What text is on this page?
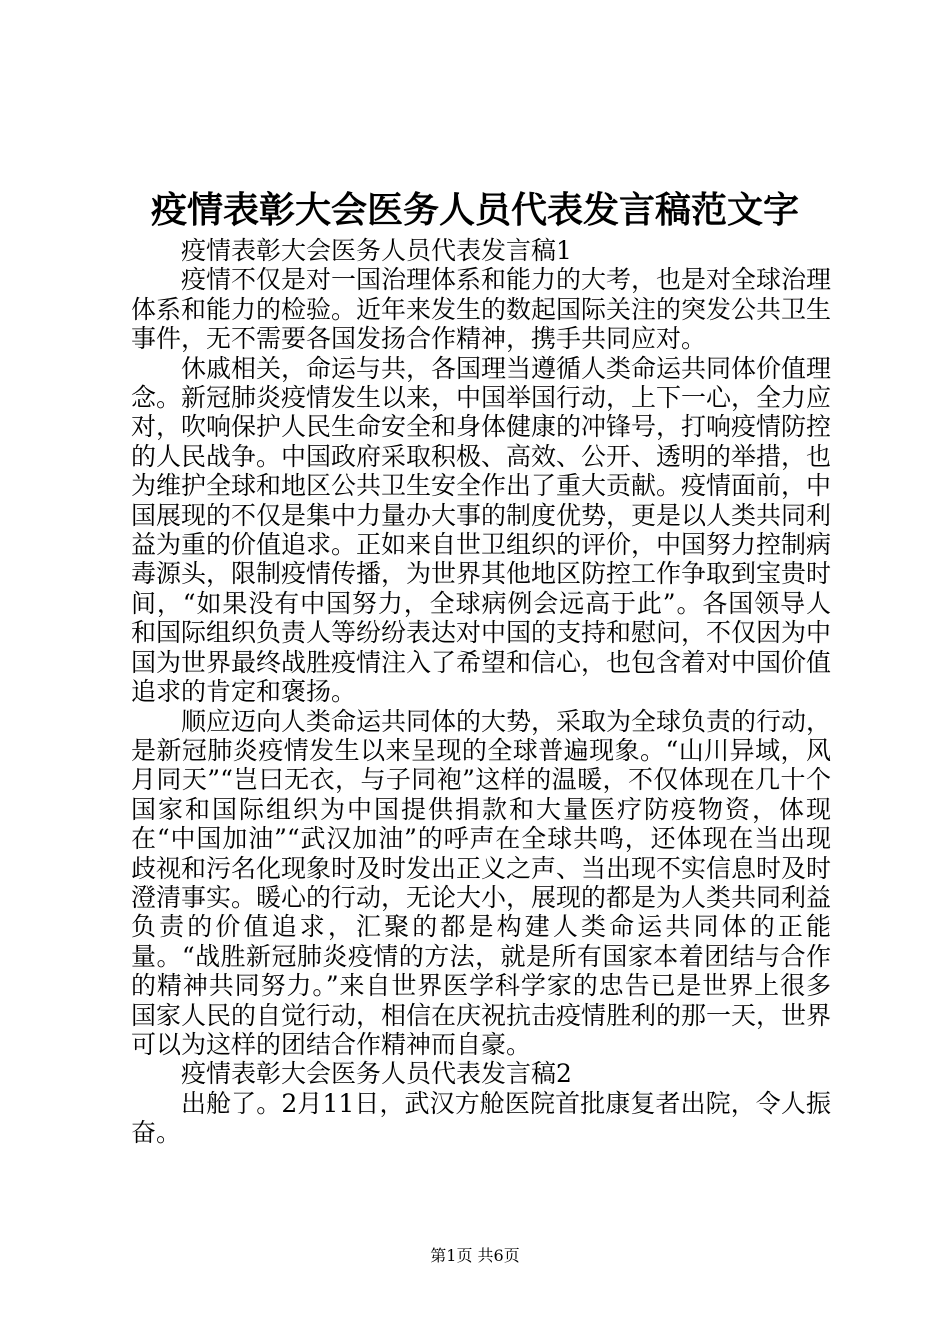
疫情表彰大会医务人员代表发言稿范文字

疫情表彰大会医务人员代表发言稿1

疫情不仅是对一国治理体系和能力的大考，也是对全球治理体系和能力的检验。近年来发生的数起国际关注的突发公共卫生事件，无不需要各国发扬合作精神，携手共同应对。

休戚相关，命运与共，各国理当遵循人类命运共同体价值理念。新冠肺炎疫情发生以来，中国举国行动，上下一心，全力应对，吹响保护人民生命安全和身体健康的冲锋号，打响疫情防控的人民战争。中国政府采取积极、高效、公开、透明的举措，也为维护全球和地区公共卫生安全作出了重大贡献。疫情面前，中国展现的不仅是集中力量办大事的制度优势，更是以人类共同利益为重的价值追求。正如来自世卫组织的评价，中国努力控制病毒源头，限制疫情传播，为世界其他地区防控工作争取到宝贵时间，“如果没有中国努力，全球病例会远高于此”。各国领导人和国际组织负责人等纷纷表达对中国的支持和慰问，不仅因为中国为世界最终战胜疫情注入了希望和信心，也包含着对中国价值追求的肯定和褒扬。

顺应迈向人类命运共同体的大势，采取为全球负责的行动，是新冠肺炎疫情发生以来呈现的全球普遍现象。“山川异域，风月同天”“岂曰无衣，与子同袍”这样的温暖，不仅体现在几十个国家和国际组织为中国提供捐款和大量医疗防疫物资，体现在“中国加油”“武汉加油”的呼声在全球共鸣，还体现在当出现歧视和污名化现象时及时发出正义之声、当出现不实信息时及时澄清事实。暖心的行动，无论大小，展现的都是为人类共同利益负责的价值追求，汇聚的都是构建人类命运共同体的正能量。“战胜新冠肺炎疫情的方法，就是所有国家本着团结与合作的精神共同努力。”来自世界医学科学家的忠告已是世界上很多国家人民的自觉行动，相信在庆祝抗击疫情胜利的那一天，世界可以为这样的团结合作精神而自豪。

疫情表彰大会医务人员代表发言稿2

出舱了。2月11日，武汉方舱医院首批康复者出院，令人振奋。

第1页 共6页
